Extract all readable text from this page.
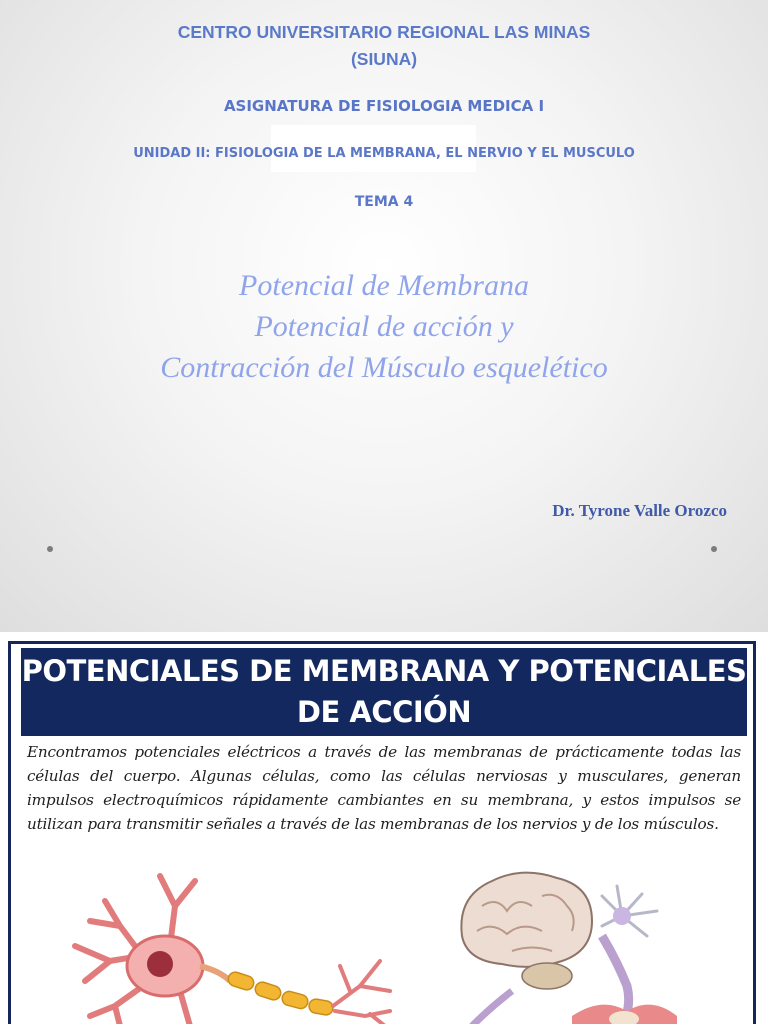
CENTRO UNIVERSITARIO REGIONAL LAS MINAS

(SIUNA)

ASIGNATURA DE FISIOLOGIA MEDICA I

UNIDAD II: FISIOLOGIA DE LA MEMBRANA, EL NERVIO Y EL MUSCULO

TEMA 4

Potencial de Membrana

Potencial de acción y

Contracción del Músculo esquelético

Dr. Tyrone Valle Orozco

POTENCIALES DE MEMBRANA Y POTENCIALES
DE ACCIÓN
Encontramos potenciales eléctricos a través de las membranas de prácticamente todas las células del cuerpo. Algunas células, como las células nerviosas y musculares, generan impulsos electroquímicos rápidamente cambiantes en su membrana, y estos impulsos se utilizan para transmitir señales a través de las membranas de los nervios y de los músculos.
